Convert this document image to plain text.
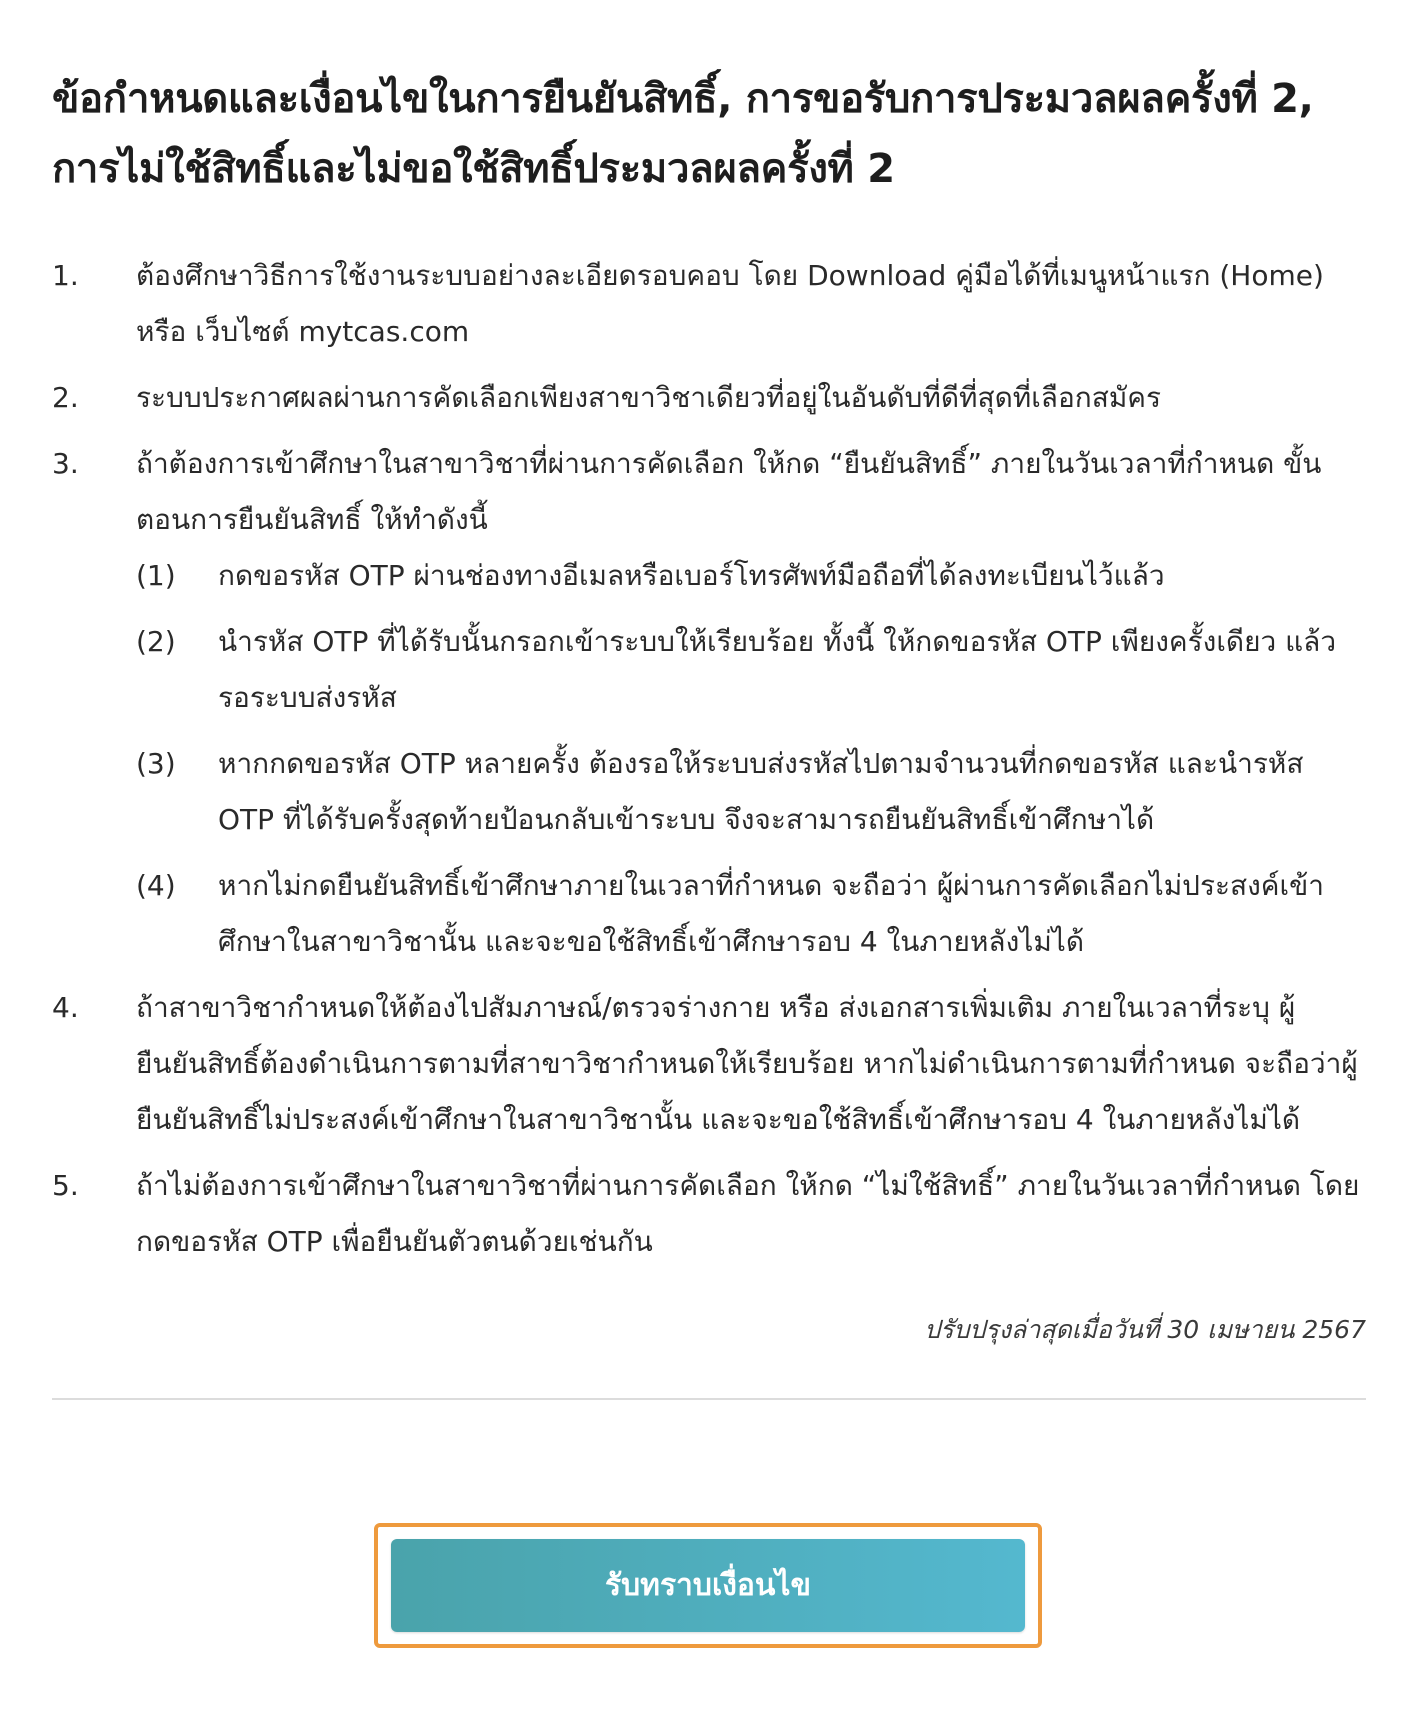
ข้อกำหนดและเงื่อนไขในการยืนยันสิทธิ์, การขอรับการประมวลผลครั้งที่ 2, การไม่ใช้สิทธิ์และไม่ขอใช้สิทธิ์ประมวลผลครั้งที่ 2
1.	ต้องศึกษาวิธีการใช้งานระบบอย่างละเอียดรอบคอบ โดย Download คู่มือได้ที่เมนูหน้าแรก (Home) หรือ เว็บไซต์ mytcas.com
2.	ระบบประกาศผลผ่านการคัดเลือกเพียงสาขาวิชาเดียวที่อยู่ในอันดับที่ดีที่สุดที่เลือกสมัคร
3.	ถ้าต้องการเข้าศึกษาในสาขาวิชาที่ผ่านการคัดเลือก ให้กด “ยืนยันสิทธิ์” ภายในวันเวลาที่กำหนด ขั้นตอนการยืนยันสิทธิ์ ให้ทำดังนี้
(1)	กดขอรหัส OTP ผ่านช่องทางอีเมลหรือเบอร์โทรศัพท์มือถือที่ได้ลงทะเบียนไว้แล้ว
(2)	นำรหัส OTP ที่ได้รับนั้นกรอกเข้าระบบให้เรียบร้อย ทั้งนี้ ให้กดขอรหัส OTP เพียงครั้งเดียว แล้วรอระบบส่งรหัส
(3)	หากกดขอรหัส OTP หลายครั้ง ต้องรอให้ระบบส่งรหัสไปตามจำนวนที่กดขอรหัส และนำรหัส OTP ที่ได้รับครั้งสุดท้ายป้อนกลับเข้าระบบ จึงจะสามารถยืนยันสิทธิ์เข้าศึกษาได้
(4)	หากไม่กดยืนยันสิทธิ์เข้าศึกษาภายในเวลาที่กำหนด จะถือว่า ผู้ผ่านการคัดเลือกไม่ประสงค์เข้าศึกษาในสาขาวิชานั้น และจะขอใช้สิทธิ์เข้าศึกษารอบ 4 ในภายหลังไม่ได้
4.	ถ้าสาขาวิชากำหนดให้ต้องไปสัมภาษณ์/ตรวจร่างกาย หรือ ส่งเอกสารเพิ่มเติม ภายในเวลาที่ระบุ ผู้ยืนยันสิทธิ์ต้องดำเนินการตามที่สาขาวิชากำหนดให้เรียบร้อย หากไม่ดำเนินการตามที่กำหนด จะถือว่าผู้ยืนยันสิทธิ์ไม่ประสงค์เข้าศึกษาในสาขาวิชานั้น และจะขอใช้สิทธิ์เข้าศึกษารอบ 4 ในภายหลังไม่ได้
5.	ถ้าไม่ต้องการเข้าศึกษาในสาขาวิชาที่ผ่านการคัดเลือก ให้กด “ไม่ใช้สิทธิ์” ภายในวันเวลาที่กำหนด โดยกดขอรหัส OTP เพื่อยืนยันตัวตนด้วยเช่นกัน
ปรับปรุงล่าสุดเมื่อวันที่ 30 เมษายน 2567
รับทราบเงื่อนไข
